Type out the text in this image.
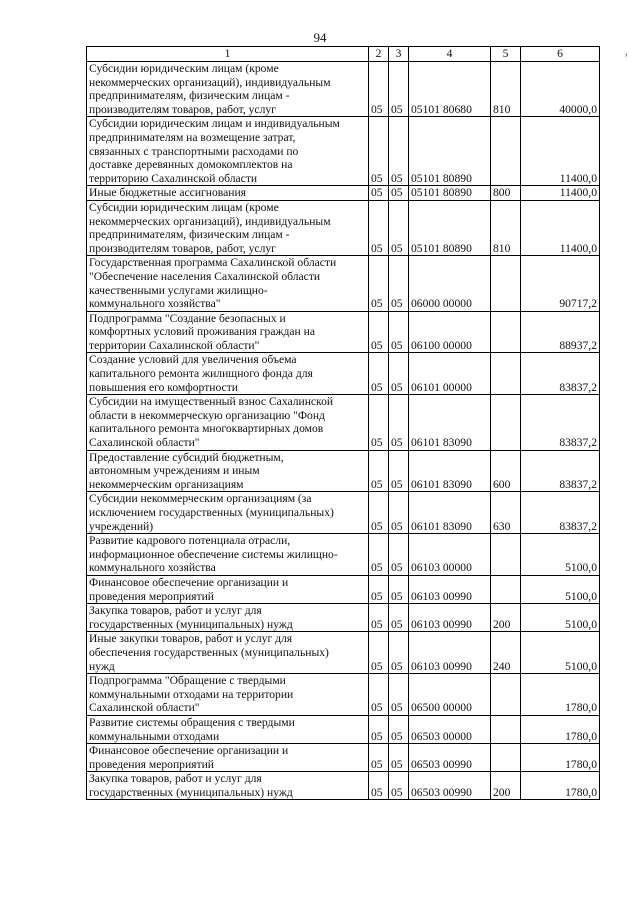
94
,
1	2	3	4	5	6
Субсидии юридическим лицам (кроме
некоммерческих организаций), индивидуальным
предпринимателям, физическим лицам -
производителям товаров, работ, услуг	05	05	05101 80680	810	40000,0
Субсидии юридическим лицам и индивидуальным
предпринимателям на возмещение затрат,
связанных с транспортными расходами по
доставке деревянных домокомплектов на
территорию Сахалинской области	05	05	05101 80890		11400,0
Иные бюджетные ассигнования	05	05	05101 80890	800	11400,0
Субсидии юридическим лицам (кроме
некоммерческих организаций), индивидуальным
предпринимателям, физическим лицам -
производителям товаров, работ, услуг	05	05	05101 80890	810	11400,0
Государственная программа Сахалинской области
"Обеспечение населения Сахалинской области
качественными услугами жилищно-
коммунального хозяйства"	05	05	06000 00000		90717,2
Подпрограмма "Создание безопасных и
комфортных условий проживания граждан на
территории Сахалинской области"	05	05	06100 00000		88937,2
Создание условий для увеличения объема
капитального ремонта жилищного фонда для
повышения его комфортности	05	05	06101 00000		83837,2
Субсидии на имущественный взнос Сахалинской
области в некоммерческую организацию "Фонд
капитального ремонта многоквартирных домов
Сахалинской области"	05	05	06101 83090		83837,2
Предоставление субсидий бюджетным,
автономным учреждениям и иным
некоммерческим организациям	05	05	06101 83090	600	83837,2
Субсидии некоммерческим организациям (за
исключением государственных (муниципальных)
учреждений)	05	05	06101 83090	630	83837,2
Развитие кадрового потенциала отрасли,
информационное обеспечение системы жилищно-
коммунального хозяйства	05	05	06103 00000		5100,0
Финансовое обеспечение организации и
проведения мероприятий	05	05	06103 00990		5100,0
Закупка товаров, работ и услуг для
государственных (муниципальных) нужд	05	05	06103 00990	200	5100,0
Иные закупки товаров, работ и услуг для
обеспечения государственных (муниципальных)
нужд	05	05	06103 00990	240	5100,0
Подпрограмма "Обращение с твердыми
коммунальными отходами на территории
Сахалинской области"	05	05	06500 00000		1780,0
Развитие системы обращения с твердыми
коммунальными отходами	05	05	06503 00000		1780,0
Финансовое обеспечение организации и
проведения мероприятий	05	05	06503 00990		1780,0
Закупка товаров, работ и услуг для
государственных (муниципальных) нужд	05	05	06503 00990	200	1780,0
